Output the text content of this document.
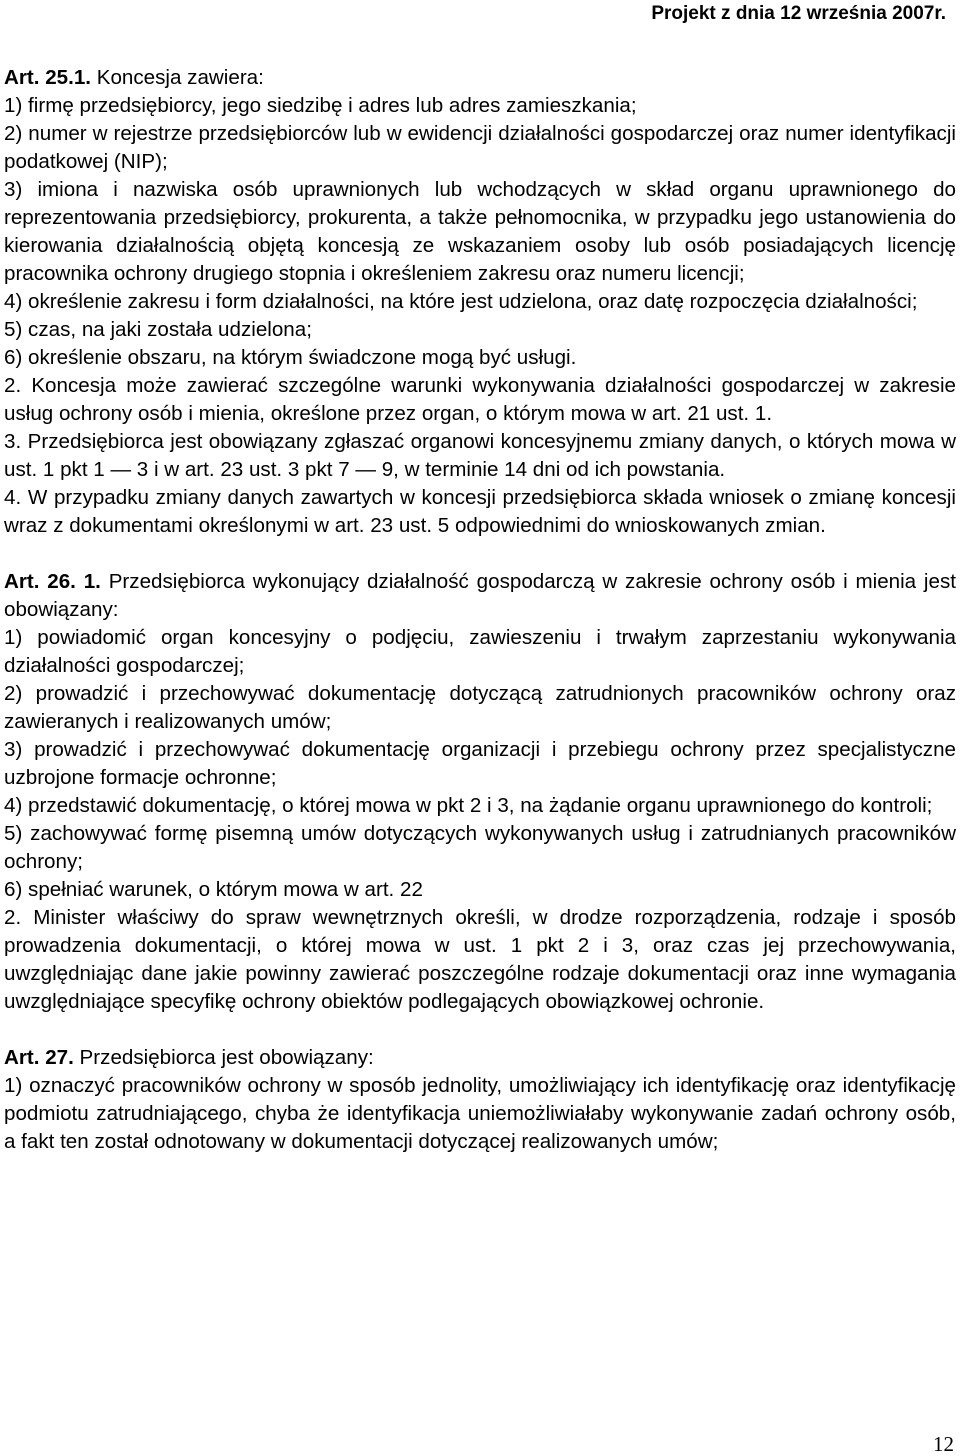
Projekt z dnia 12 września 2007r.

Art. 25.1. Koncesja zawiera:

1) firmę przedsiębiorcy, jego siedzibę i adres lub adres zamieszkania;

2) numer w rejestrze przedsiębiorców lub w ewidencji działalności gospodarczej oraz numer identyfikacji podatkowej (NIP);

3) imiona i nazwiska osób uprawnionych lub wchodzących w skład organu uprawnionego do reprezentowania przedsiębiorcy, prokurenta, a także pełnomocnika, w przypadku jego ustanowienia do kierowania działalnością objętą koncesją ze wskazaniem osoby lub osób posiadających licencję pracownika ochrony drugiego stopnia i określeniem zakresu oraz numeru licencji;

4) określenie zakresu i form działalności, na które jest udzielona, oraz datę rozpoczęcia działalności;

5) czas, na jaki została udzielona;

6) określenie obszaru, na którym świadczone mogą być usługi.

2. Koncesja może zawierać szczególne warunki wykonywania działalności gospodarczej w zakresie usług ochrony osób i mienia, określone przez organ, o którym mowa w art. 21 ust. 1.

3. Przedsiębiorca jest obowiązany zgłaszać organowi koncesyjnemu zmiany danych, o których mowa w ust. 1 pkt 1 — 3 i w art. 23 ust. 3 pkt 7 — 9, w terminie 14 dni od ich powstania.

4. W przypadku zmiany danych zawartych w koncesji przedsiębiorca składa wniosek o zmianę koncesji wraz z dokumentami określonymi w art. 23 ust. 5 odpowiednimi do wnioskowanych zmian.

Art. 26. 1. Przedsiębiorca wykonujący działalność gospodarczą w zakresie ochrony osób i mienia jest obowiązany:

1) powiadomić organ koncesyjny o podjęciu, zawieszeniu i trwałym zaprzestaniu wykonywania działalności gospodarczej;

2) prowadzić i przechowywać dokumentację dotyczącą zatrudnionych pracowników ochrony oraz zawieranych i realizowanych umów;

3) prowadzić i przechowywać dokumentację organizacji i przebiegu ochrony przez specjalistyczne uzbrojone formacje ochronne;

4) przedstawić dokumentację, o której mowa w pkt 2 i 3, na żądanie organu uprawnionego do kontroli;

5) zachowywać formę pisemną umów dotyczących wykonywanych usług i zatrudnianych pracowników ochrony;

6) spełniać warunek, o którym mowa w art. 22

2. Minister właściwy do spraw wewnętrznych określi, w drodze rozporządzenia, rodzaje i sposób prowadzenia dokumentacji, o której mowa w ust. 1 pkt 2 i 3, oraz czas jej przechowywania, uwzględniając dane jakie powinny zawierać poszczególne rodzaje dokumentacji oraz inne wymagania uwzględniające specyfikę ochrony obiektów podlegających obowiązkowej ochronie.

Art. 27. Przedsiębiorca jest obowiązany:

1) oznaczyć pracowników ochrony w sposób jednolity, umożliwiający ich identyfikację oraz identyfikację podmiotu zatrudniającego, chyba że identyfikacja uniemożliwiałaby wykonywanie zadań ochrony osób, a fakt ten został odnotowany w dokumentacji dotyczącej realizowanych umów;

12
